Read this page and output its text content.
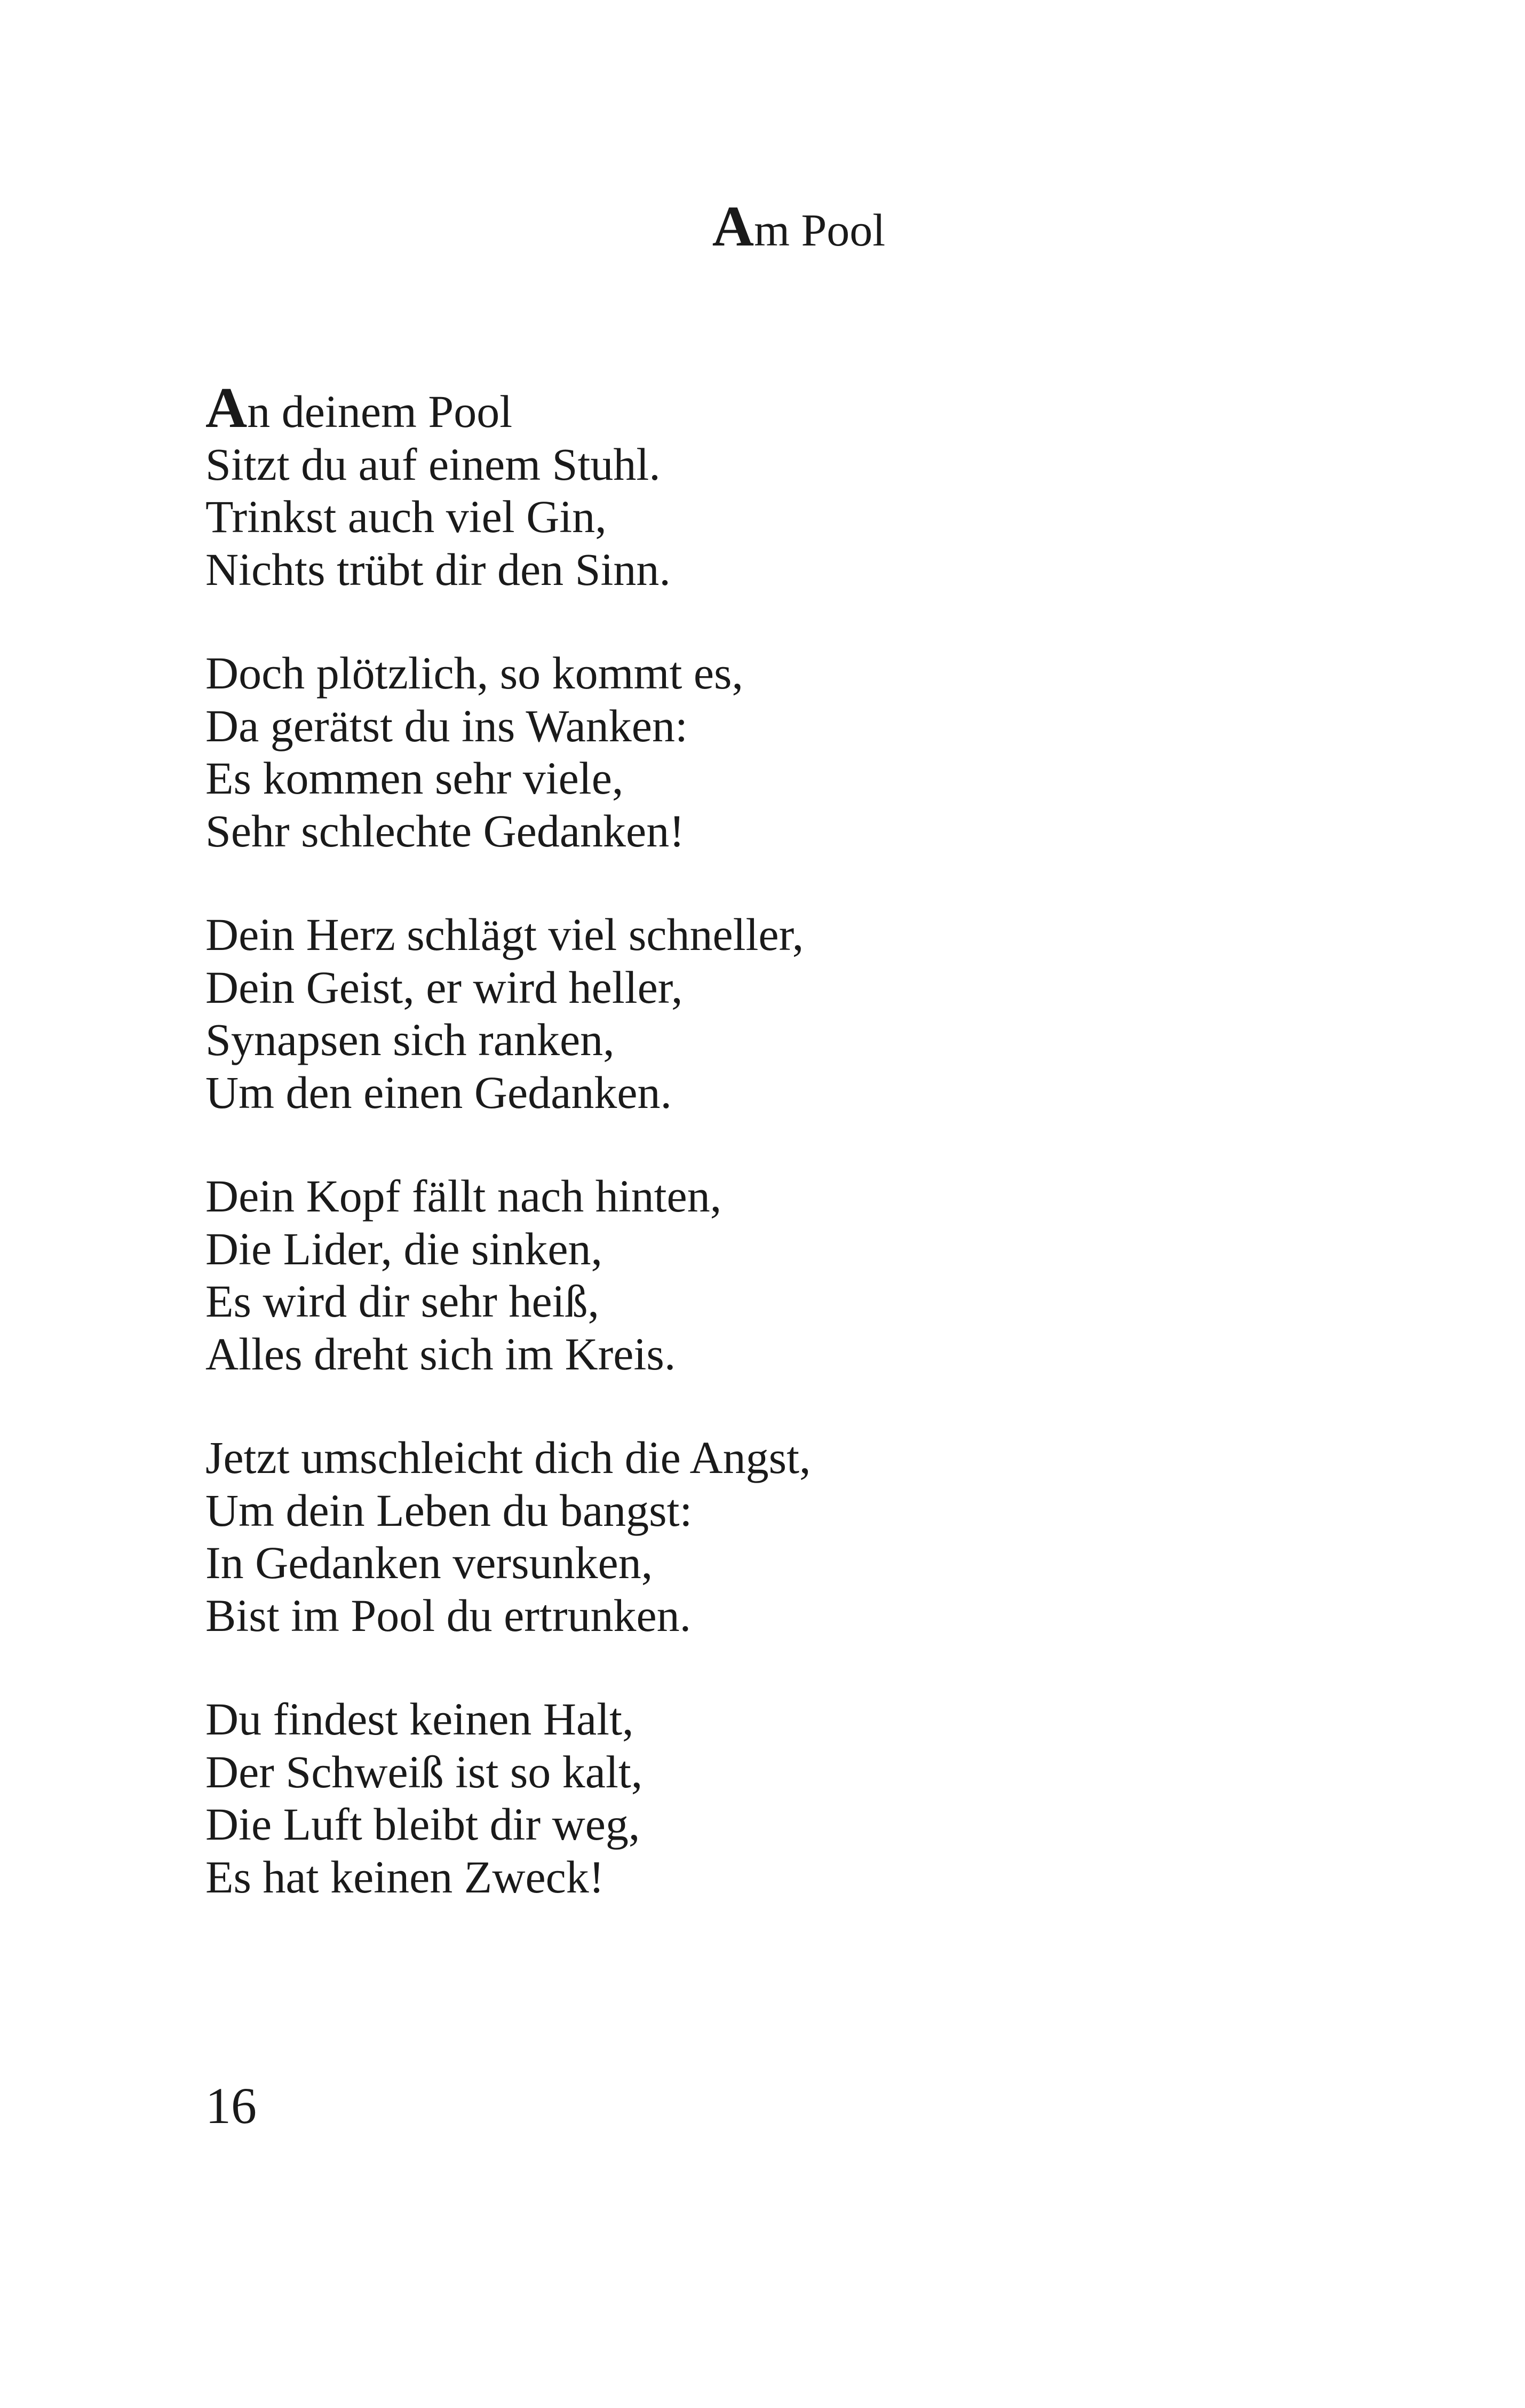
Am Pool
An deinem Pool
Sitzt du auf einem Stuhl.
Trinkst auch viel Gin,
Nichts trübt dir den Sinn.
Doch plötzlich, so kommt es,
Da gerätst du ins Wanken:
Es kommen sehr viele,
Sehr schlechte Gedanken!
Dein Herz schlägt viel schneller,
Dein Geist, er wird heller,
Synapsen sich ranken,
Um den einen Gedanken.
Dein Kopf fällt nach hinten,
Die Lider, die sinken,
Es wird dir sehr heiß,
Alles dreht sich im Kreis.
Jetzt umschleicht dich die Angst,
Um dein Leben du bangst:
In Gedanken versunken,
Bist im Pool du ertrunken.
Du findest keinen Halt,
Der Schweiß ist so kalt,
Die Luft bleibt dir weg,
Es hat keinen Zweck!
16
